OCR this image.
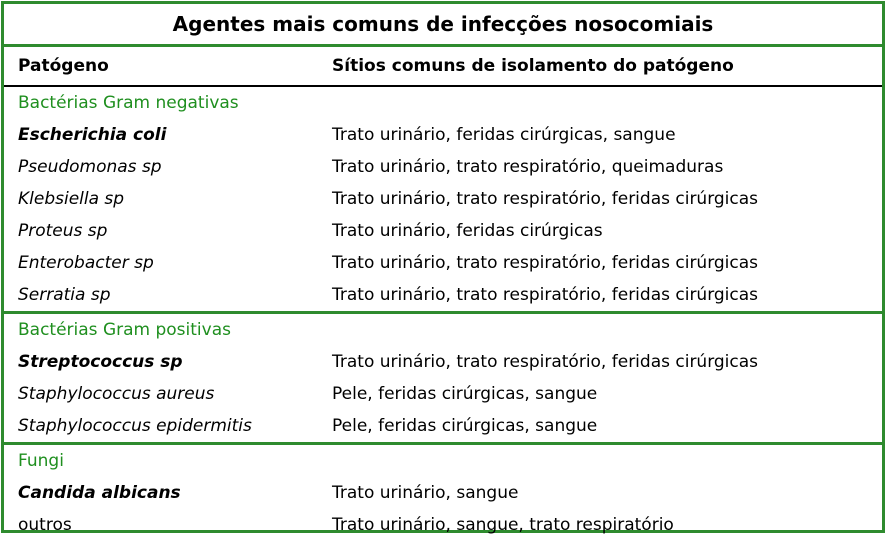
Agentes mais comuns de infecções nosocomiais
Patógeno	Sítios comuns de isolamento do patógeno
Bactérias Gram negativas
Escherichia coli	Trato urinário, feridas cirúrgicas, sangue
Pseudomonas sp	Trato urinário, trato respiratório, queimaduras
Klebsiella sp	Trato urinário, trato respiratório, feridas cirúrgicas
Proteus sp	Trato urinário, feridas cirúrgicas
Enterobacter sp	Trato urinário, trato respiratório, feridas cirúrgicas
Serratia sp	Trato urinário, trato respiratório, feridas cirúrgicas
Bactérias Gram positivas
Streptococcus sp	Trato urinário, trato respiratório, feridas cirúrgicas
Staphylococcus aureus	Pele, feridas cirúrgicas, sangue
Staphylococcus epidermitis	Pele, feridas cirúrgicas, sangue
Fungi
Candida albicans	Trato urinário, sangue
outros	Trato urinário, sangue, trato respiratório
